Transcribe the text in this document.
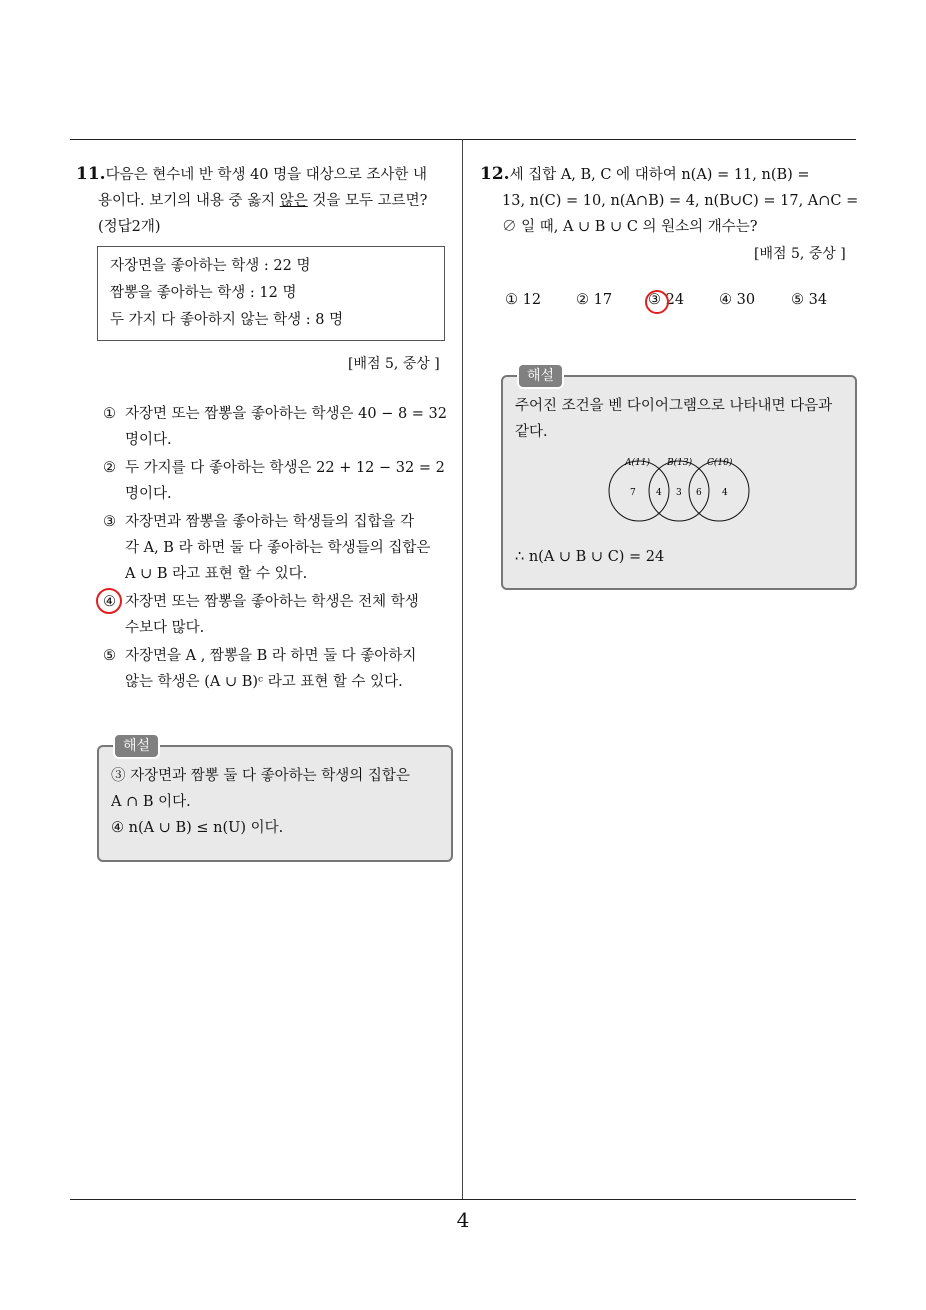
4
11.다음은 현수네 반 학생 40 명을 대상으로 조사한 내
용이다. 보기의 내용 중 옳지 않은 것을 모두 고르면?
(정답2개)
자장면을 좋아하는 학생 : 22 명
짬뽕을 좋아하는 학생 : 12 명
두 가지 다 좋아하지 않는 학생 : 8 명
[배점 5, 중상 ]
① 자장면 또는 짬뽕을 좋아하는 학생은 40 − 8 = 32
명이다.
② 두 가지를 다 좋아하는 학생은 22 + 12 − 32 = 2
명이다.
③ 자장면과 짬뽕을 좋아하는 학생들의 집합을 각
각 A, B 라 하면 둘 다 좋아하는 학생들의 집합은
A ∪ B 라고 표현 할 수 있다.
④ 자장면 또는 짬뽕을 좋아하는 학생은 전체 학생
수보다 많다.
⑤ 자장면을 A , 짬뽕을 B 라 하면 둘 다 좋아하지
않는 학생은 (A ∪ B)ᶜ 라고 표현 할 수 있다.
해설
③ 자장면과 짬뽕 둘 다 좋아하는 학생의 집합은
A ∩ B 이다.
④ n(A ∪ B) ≤ n(U) 이다.
12.세 집합 A, B, C 에 대하여 n(A) = 11, n(B) =
13, n(C) = 10, n(A∩B) = 4, n(B∪C) = 17, A∩C =
∅ 일 때, A ∪ B ∪ C 의 원소의 개수는?
[배점 5, 중상 ]
① 12 ② 17 ③ 24 ④ 30 ⑤ 34
해설
주어진 조건을 벤 다이어그램으로 나타내면 다음과
같다.
∴ n(A ∪ B ∪ C) = 24
A(11) B(13) C(10)
7 4 3 6 4
